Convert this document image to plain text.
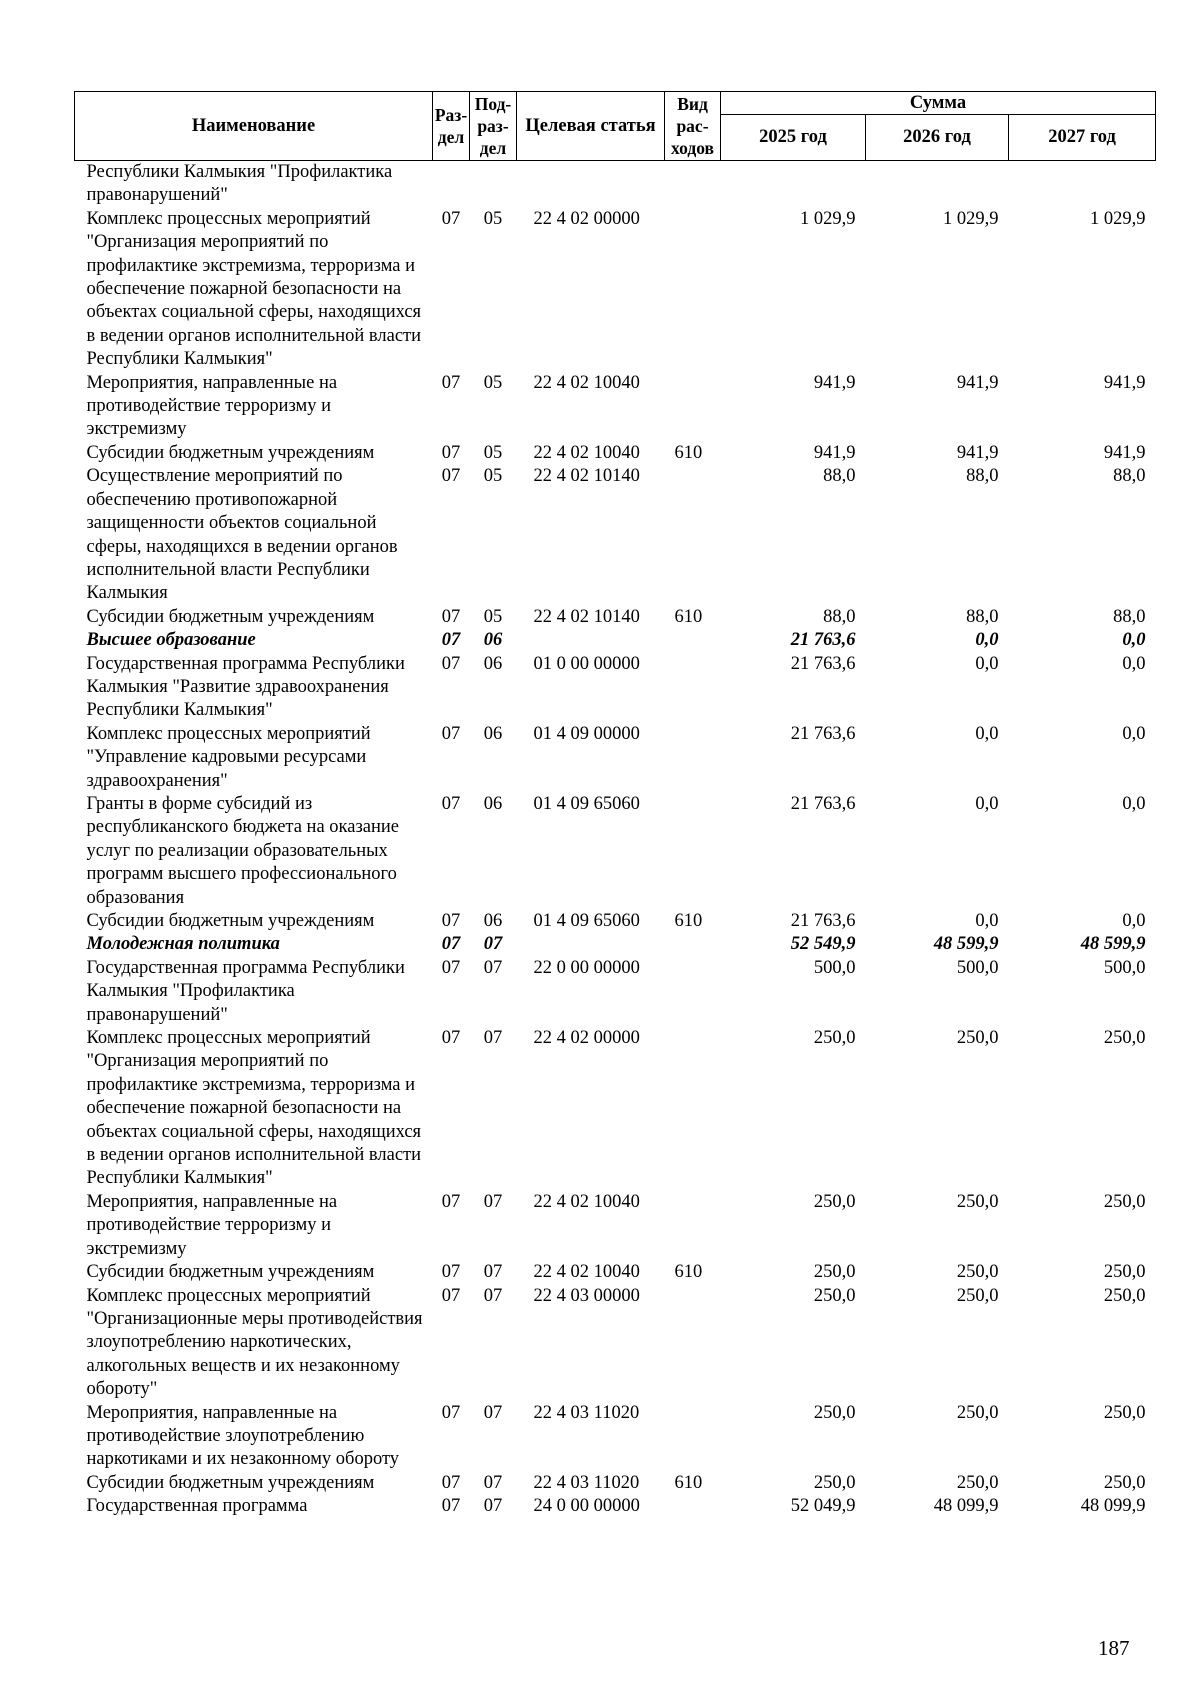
Наименование	Раз-дел	Под-раз-дел	Целевая статья	Вид рас-ходов	Сумма		
					2025 год	2026 год	2027 год
Республики Калмыкия "Профилактика правонарушений"							
Комплекс процессных мероприятий "Организация мероприятий по профилактике экстремизма, терроризма и обеспечение пожарной безопасности на объектах социальной сферы, находящихся в ведении органов исполнительной власти Республики Калмыкия"	07	05	22 4 02 00000		1 029,9	1 029,9	1 029,9
Мероприятия, направленные на противодействие терроризму и экстремизму	07	05	22 4 02 10040		941,9	941,9	941,9
Субсидии бюджетным учреждениям	07	05	22 4 02 10040	610	941,9	941,9	941,9
Осуществление мероприятий по обеспечению противопожарной защищенности объектов социальной сферы, находящихся в ведении органов исполнительной власти Республики Калмыкия	07	05	22 4 02 10140		88,0	88,0	88,0
Субсидии бюджетным учреждениям	07	05	22 4 02 10140	610	88,0	88,0	88,0
Высшее образование	07	06			21 763,6	0,0	0,0
Государственная программа Республики Калмыкия "Развитие здравоохранения Республики Калмыкия"	07	06	01 0 00 00000		21 763,6	0,0	0,0
Комплекс процессных мероприятий "Управление кадровыми ресурсами здравоохранения"	07	06	01 4 09 00000		21 763,6	0,0	0,0
Гранты в форме субсидий из республиканского бюджета на оказание услуг по реализации образовательных программ высшего профессионального образования	07	06	01 4 09 65060		21 763,6	0,0	0,0
Субсидии бюджетным учреждениям	07	06	01 4 09 65060	610	21 763,6	0,0	0,0
Молодежная политика	07	07			52 549,9	48 599,9	48 599,9
Государственная программа Республики Калмыкия "Профилактика правонарушений"	07	07	22 0 00 00000		500,0	500,0	500,0
Комплекс процессных мероприятий "Организация мероприятий по профилактике экстремизма, терроризма и обеспечение пожарной безопасности на объектах социальной сферы, находящихся в ведении органов исполнительной власти Республики Калмыкия"	07	07	22 4 02 00000		250,0	250,0	250,0
Мероприятия, направленные на противодействие терроризму и экстремизму	07	07	22 4 02 10040		250,0	250,0	250,0
Субсидии бюджетным учреждениям	07	07	22 4 02 10040	610	250,0	250,0	250,0
Комплекс процессных мероприятий "Организационные меры противодействия злоупотреблению наркотических, алкогольных веществ и их незаконному обороту"	07	07	22 4 03 00000		250,0	250,0	250,0
Мероприятия, направленные на противодействие злоупотреблению наркотиками и их незаконному обороту	07	07	22 4 03 11020		250,0	250,0	250,0
Субсидии бюджетным учреждениям	07	07	22 4 03 11020	610	250,0	250,0	250,0
Государственная программа	07	07	24 0 00 00000		52 049,9	48 099,9	48 099,9
187
